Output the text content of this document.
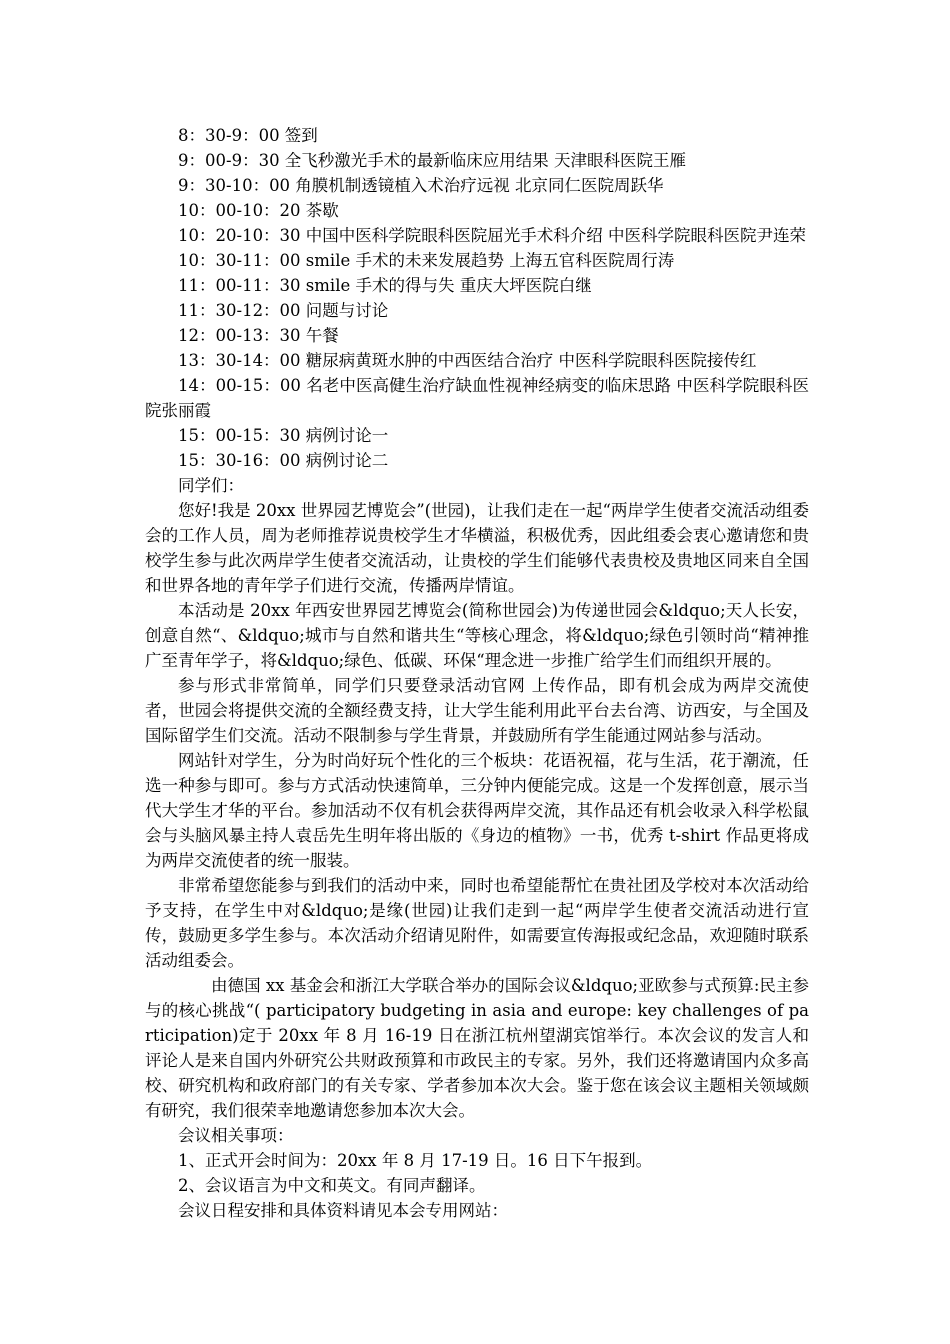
8：30-9：00 签到

9：00-9：30 全飞秒激光手术的最新临床应用结果 天津眼科医院王雁

9：30-10：00 角膜机制透镜植入术治疗远视 北京同仁医院周跃华

10：00-10：20 茶歇

10：20-10：30 中国中医科学院眼科医院屈光手术科介绍 中医科学院眼科医院尹连荣

10：30-11：00 smile 手术的未来发展趋势 上海五官科医院周行涛

11：00-11：30 smile 手术的得与失 重庆大坪医院白继

11：30-12：00 问题与讨论

12：00-13：30 午餐

13：30-14：00 糖尿病黄斑水肿的中西医结合治疗 中医科学院眼科医院接传红

14：00-15：00 名老中医高健生治疗缺血性视神经病变的临床思路 中医科学院眼科医院张丽霞

15：00-15：30 病例讨论一

15：30-16：00 病例讨论二

同学们：

您好!我是 20xx 世界园艺博览会”(世园)，让我们走在一起“两岸学生使者交流活动组委会的工作人员，周为老师推荐说贵校学生才华横溢，积极优秀，因此组委会衷心邀请您和贵校学生参与此次两岸学生使者交流活动，让贵校的学生们能够代表贵校及贵地区同来自全国和世界各地的青年学子们进行交流，传播两岸情谊。

本活动是 20xx 年西安世界园艺博览会(简称世园会)为传递世园会&ldquo;天人长安，创意自然“、&ldquo;城市与自然和谐共生“等核心理念，将&ldquo;绿色引领时尚“精神推广至青年学子，将&ldquo;绿色、低碳、环保“理念进一步推广给学生们而组织开展的。

参与形式非常简单，同学们只要登录活动官网 上传作品，即有机会成为两岸交流使者，世园会将提供交流的全额经费支持，让大学生能利用此平台去台湾、访西安，与全国及国际留学生们交流。活动不限制参与学生背景，并鼓励所有学生能通过网站参与活动。

网站针对学生，分为时尚好玩个性化的三个板块：花语祝福，花与生活，花于潮流，任选一种参与即可。参与方式活动快速简单，三分钟内便能完成。这是一个发挥创意，展示当代大学生才华的平台。参加活动不仅有机会获得两岸交流，其作品还有机会收录入科学松鼠会与头脑风暴主持人袁岳先生明年将出版的《身边的植物》一书，优秀 t-shirt 作品更将成为两岸交流使者的统一服装。

非常希望您能参与到我们的活动中来，同时也希望能帮忙在贵社团及学校对本次活动给予支持，在学生中对&ldquo;是缘(世园)让我们走到一起“两岸学生使者交流活动进行宣传，鼓励更多学生参与。本次活动介绍请见附件，如需要宣传海报或纪念品，欢迎随时联系活动组委会。

由德国 xx 基金会和浙江大学联合举办的国际会议&ldquo;亚欧参与式预算:民主参与的核心挑战“( participatory budgeting in asia and europe: key challenges of participation)定于 20xx 年 8 月 16-19 日在浙江杭州望湖宾馆举行。本次会议的发言人和评论人是来自国内外研究公共财政预算和市政民主的专家。另外，我们还将邀请国内众多高校、研究机构和政府部门的有关专家、学者参加本次大会。鉴于您在该会议主题相关领域颇有研究，我们很荣幸地邀请您参加本次大会。

会议相关事项：

1、正式开会时间为：20xx 年 8 月 17-19 日。16 日下午报到。

2、会议语言为中文和英文。有同声翻译。

会议日程安排和具体资料请见本会专用网站：
